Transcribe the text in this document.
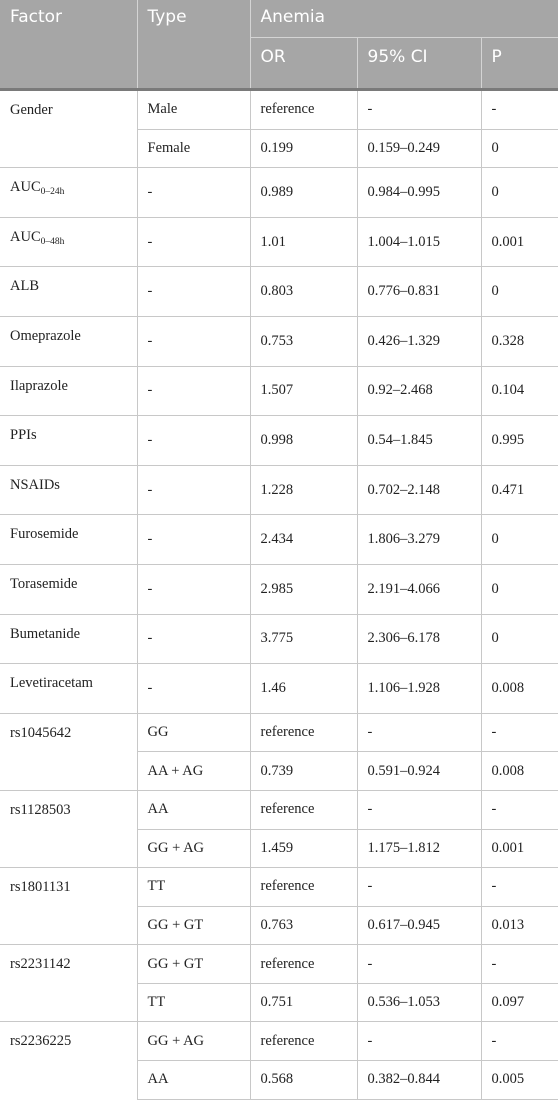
Factor	Type	Anemia		
		OR	95% CI	P
Gender	Male	reference	-	-
	Female	0.199	0.159–0.249	0
$AUC_{0-24h}$	-	0.989	0.984–0.995	0
$AUC_{0-48h}$	-	1.01	1.004–1.015	0.001
ALB	-	0.803	0.776–0.831	0
Omeprazole	-	0.753	0.426–1.329	0.328
Ilaprazole	-	1.507	0.92–2.468	0.104
PPIs	-	0.998	0.54–1.845	0.995
NSAIDs	-	1.228	0.702–2.148	0.471
Furosemide	-	2.434	1.806–3.279	0
Torasemide	-	2.985	2.191–4.066	0
Bumetanide	-	3.775	2.306–6.178	0
Levetiracetam	-	1.46	1.106–1.928	0.008
rs1045642	GG	reference	-	-
	AA + AG	0.739	0.591–0.924	0.008
rs1128503	AA	reference	-	-
	GG + AG	1.459	1.175–1.812	0.001
rs1801131	TT	reference	-	-
	GG + GT	0.763	0.617–0.945	0.013
rs2231142	GG + GT	reference	-	-
	TT	0.751	0.536–1.053	0.097
rs2236225	GG + AG	reference	-	-
	AA	0.568	0.382–0.844	0.005
